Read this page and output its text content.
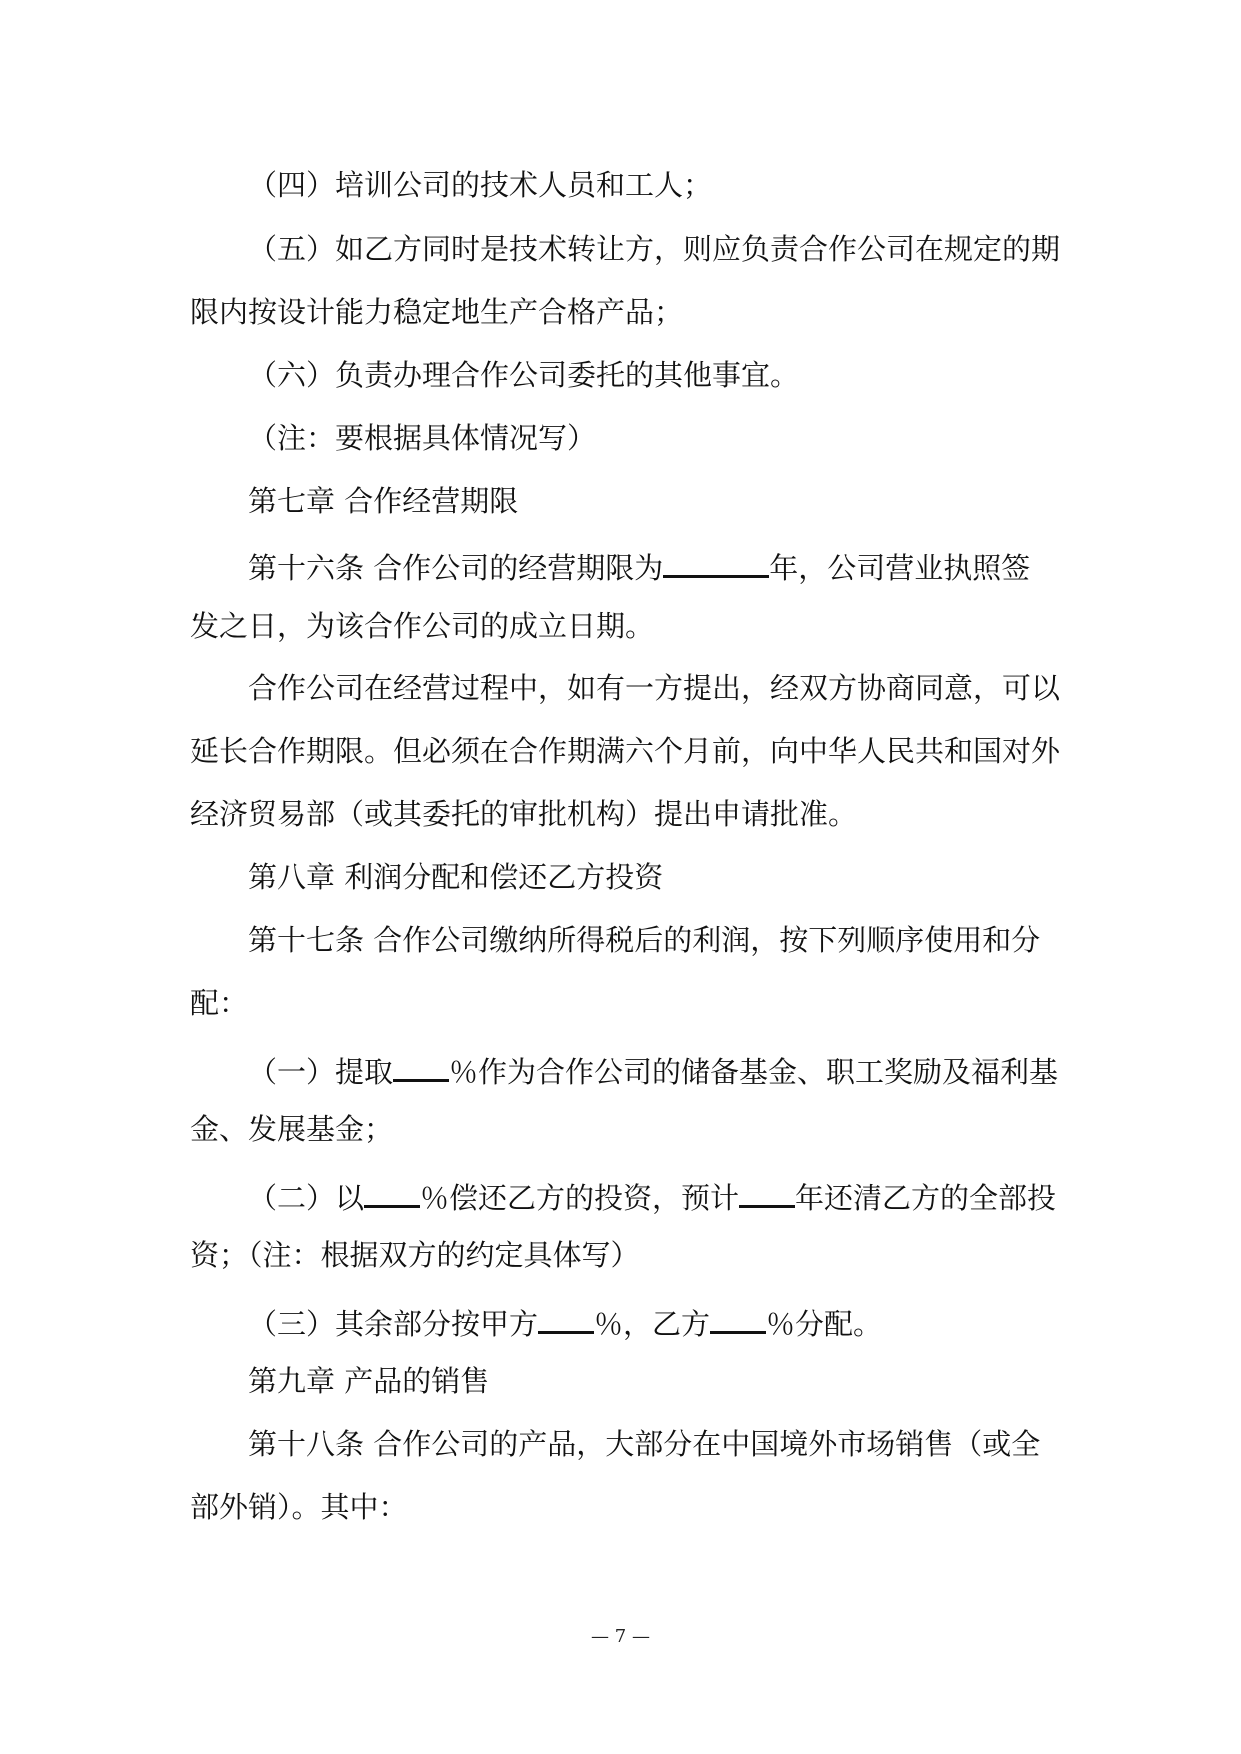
（四）培训公司的技术人员和工人；

（五）如乙方同时是技术转让方，则应负责合作公司在规定的期

限内按设计能力稳定地生产合格产品；

（六）负责办理合作公司委托的其他事宜。

（注：要根据具体情况写）

第七章 合作经营期限

第十六条 合作公司的经营期限为	年，公司营业执照签

发之日，为该合作公司的成立日期。

合作公司在经营过程中，如有一方提出，经双方协商同意，可以

延长合作期限。但必须在合作期满六个月前，向中华人民共和国对外

经济贸易部（或其委托的审批机构）提出申请批准。

第八章 利润分配和偿还乙方投资

第十七条 合作公司缴纳所得税后的利润，按下列顺序使用和分

配：

（一）提取 ％作为合作公司的储备基金、职工奖励及福利基

金、发展基金；

（二）以 ％偿还乙方的投资，预计 年还清乙方的全部投

资；（注：根据双方的约定具体写）

（三）其余部分按甲方 ％，乙方 ％分配。

第九章 产品的销售

第十八条 合作公司的产品，大部分在中国境外市场销售（或全

部外销）。其中：

— 7 —
